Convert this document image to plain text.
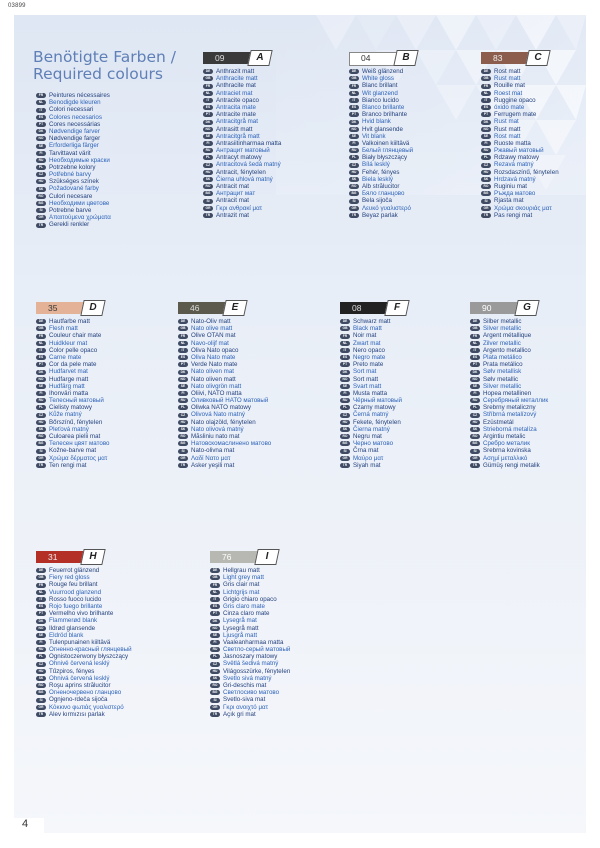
03899
Benötigte Farben /
Required colours
FR Peintures nécessaires
NL Benodigde kleuren
IT	Colori necessari
ES Colores necesarios
PT Cores necessárias
DK Nødvendige farver
NO Nødvendige farger
SE Erforderliga färger
FI	Tarvittavat värit
RU Необходимые краски
PL Potrzebne kolory
CZ Potřebné barvy
HU Szükséges színek
SK Požadované farby
RO Culori necesare
BG Необходими цветове
SI	Potrebne barve
GR Απαιτούμενα χρώματα
TR Gerekli renkler
09	A
DE Anthrazit matt
GB Anthracite matt
FR Anthracite mat
NL Antraciet mat
IT	Antracite opaco
ES Antracita mate
PT Antracite mate
DK Antracitgrå mat
NO Antrasitt matt
SE Antracitgrå matt
FI	Antrasiitinharmaa matta
RU Антрацит матовый
PL Antracyt matowy
CZ Antracitová šedá matný
HU Antracit, fényteIen
SK Čierna uhlová matný
RO Antracit mat
BG Антрацит мат
SI	Antracit mat
GR Γκρι ανθρακί ματ
TR Antrazit mat
04	B
DE Weiß glänzend
GB White gloss
FR Blanc brillant
NL Wit glanzend
IT	Bianco lucido
ES Blanco brillante
PT Branco brilhante
DK Hvid blank
NO Hvit glansende
SE Vit blank
FI	Valkoinen kiiltävä
RU Белый глянцевый
PL Biały błyszczący
CZ Bílá lesklý
HU Fehér, fényes
SK Biela lesklý
RO Alb strălucitor
BG Бяло гланцово
SI	Bela sijoča
GR Λευκό γυαλιστερό
TR Beyaz parlak
83	C
DE Rost matt
GB Rust matt
FR Rouille mat
NL Roest mat
IT	Ruggine opaco
ES óxido mate
PT Ferrugem mate
DK Rust mat
NO Rust matt
SE Rost matt
FI	Ruoste matta
RU Ржавый матовый
PL Rdzawy matowy
CZ Rezavá matný
HU Rozsdaszínű, fényteIen
SK Hrdzavá matný
RO Ruginiu mat
BG Ръжда матово
SI	Rjasta mat
GR Χρώμα σκουριάς ματ
TR Pas rengi mat
35	D
DE Hautfarbe matt
GB Flesh matt
FR Couleur chair mate
NL Huidkleur mat
IT	Color pelle opaco
ES Carne mate
PT Cor da pele mate
DK Hudfarvet mat
NO Hudfarge matt
SE Hudfärg matt
FI	Ihonväri matta
RU Телесный матовый
PL Cielisty matowy
CZ Kůže matný
HU Bőrszínű, fényteIen
SK Pleťová matný
RO Culoarea pielii mat
BG Телесен цвят матово
SI	Kožne-barve mat
GR Χρώμα δέρματος ματ
TR Ten rengi mat
46	E
DE Nato-Oliv matt
GB Nato olive matt
FR Olive OTAN mat
NL Navo-olijf mat
IT	Oliva Nato opaco
ES Oliva Nato mate
PT Verde Nato mate
DK Nato oliven mat
NO Nato oliven matt
SE Nato olivgrön matt
FI	Oliivi, NATO matta
RU Оливковый НАТО матовый
PL Oliwka NATO matowy
CZ Olivová Nato matný
HU Nato olajzöld, fényteIen
SK Nato olivová matný
RO Măsliniu nato mat
BG Натовскомаслинено матово
SI	Nato-olivna mat
GR Λαδί Νατο ματ
TR Asker yeşili mat
08	F
DE Schwarz matt
GB Black matt
FR Noir mat
NL Zwart mat
IT	Nero opaco
ES Negro mate
PT Preto mate
DK Sort mat
NO Sort matt
SE Svart matt
FI	Musta matta
RU Чёрный матовый
PL Czarny matowy
CZ Černá matný
HU Fekete, fényteIen
SK Čierna matný
RO Negru mat
BG Черно матово
SI	Črna mat
GR Μαύρο ματ
TR Siyah mat
90	G
DE Silber metallic
GB Silver metallic
FR Argent métallique
NL Zilver metallic
IT	Argento metallico
ES Plata metálico
PT Prata metálico
DK Sølv metallisk
NO Sølv metallic
SE Silver metallic
FI	Hopea metallinen
RU Серебряный металлик
PL Srebrny metaliczny
CZ Stříbrná metalízový
HU Ezüstmetál
SK Strieborná metalíza
RO Argintiu metalic
BG Сребро металик
SI	Srebrna kovinska
GR Ασημί μεταλλικό
TR Gümüş rengi metalik
31	H
DE Feuerrot glänzend
GB Fiery red gloss
FR Rouge feu brillant
NL Vuurrood glanzend
IT	Rosso fuoco lucido
ES Rojo fuego brillante
PT Vermelho vivo brilhante
DK Flammerød blank
NO Ildrød glansende
SE Eldröd blank
FI	Tulenpunainen kiiltävä
RU Огненно-красный глянцевый
PL Ognistoczerwony błyszczący
CZ Ohnivě červená lesklý
HU Tűzpiros, fényes
SK Ohnivá červená lesklý
RO Roşu aprins strălucitor
BG Огненочервено гланцово
SI	Ognjeno-rdeča sijoča
GR Κόκκινο φωτιάς γυαλιστερό
TR Alev kırmızısı parlak
76	I
DE Hellgrau matt
GB Light grey matt
FR Gris clair mat
NL Lichtgrijs mat
IT	Grigio chiaro opaco
ES Gris claro mate
PT Cinza claro mate
DK Lysegrå mat
NO Lysegrå matt
SE Ljusgrå matt
FI	Vaaleanharmaa matta
RU Светло-серый матовый
PL Jasnoszary matowy
CZ Světlá šedivá matný
HU Világosszürke, fényteIen
SK Svetlo sivá matný
RO Gri-deschis mat
BG Светлосиво матово
SI	Svetlo-siva mat
GR Γκρι ανοιχτό ματ
TR Açık gri mat
4
